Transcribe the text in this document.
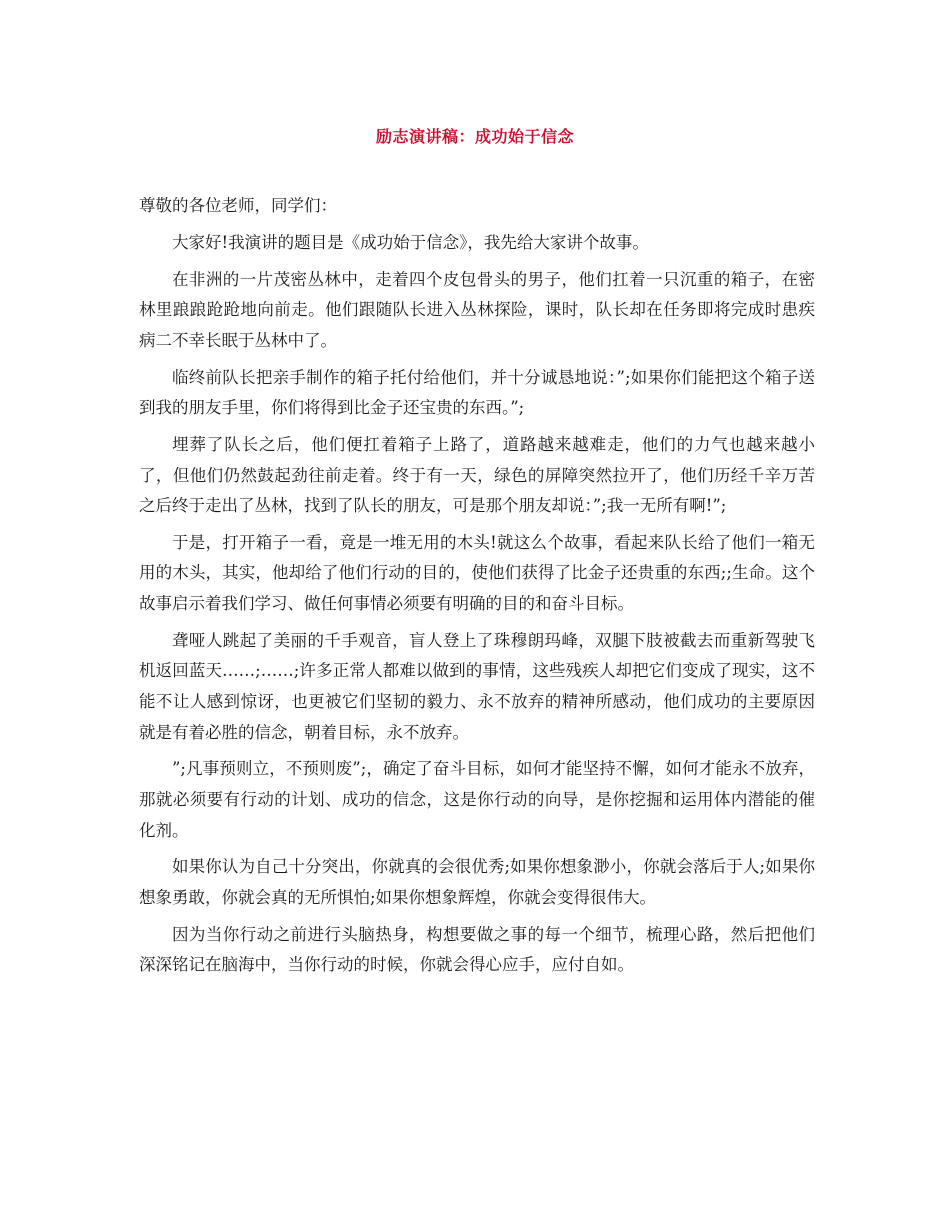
励志演讲稿：成功始于信念

尊敬的各位老师，同学们：

大家好!我演讲的题目是《成功始于信念》，我先给大家讲个故事。

在非洲的一片茂密丛林中，走着四个皮包骨头的男子，他们扛着一只沉重的箱子，在密林里踉踉跄跄地向前走。他们跟随队长进入丛林探险，课时，队长却在任务即将完成时患疾病二不幸长眠于丛林中了。

临终前队长把亲手制作的箱子托付给他们，并十分诚恳地说：”;如果你们能把这个箱子送到我的朋友手里，你们将得到比金子还宝贵的东西。”;

埋葬了队长之后，他们便扛着箱子上路了，道路越来越难走，他们的力气也越来越小了，但他们仍然鼓起劲往前走着。终于有一天，绿色的屏障突然拉开了，他们历经千辛万苦之后终于走出了丛林，找到了队长的朋友，可是那个朋友却说：”;我一无所有啊!”;

于是，打开箱子一看，竟是一堆无用的木头!就这么个故事，看起来队长给了他们一箱无用的木头，其实，他却给了他们行动的目的，使他们获得了比金子还贵重的东西;;生命。这个故事启示着我们学习、做任何事情必须要有明确的目的和奋斗目标。

聋哑人跳起了美丽的千手观音，盲人登上了珠穆朗玛峰，双腿下肢被截去而重新驾驶飞机返回蓝天……;……;许多正常人都难以做到的事情，这些残疾人却把它们变成了现实，这不能不让人感到惊讶，也更被它们坚韧的毅力、永不放弃的精神所感动，他们成功的主要原因就是有着必胜的信念，朝着目标，永不放弃。

”;凡事预则立，不预则废”;，确定了奋斗目标，如何才能坚持不懈，如何才能永不放弃，那就必须要有行动的计划、成功的信念，这是你行动的向导，是你挖掘和运用体内潜能的催化剂。

如果你认为自己十分突出，你就真的会很优秀;如果你想象渺小，你就会落后于人;如果你想象勇敢，你就会真的无所惧怕;如果你想象辉煌，你就会变得很伟大。

因为当你行动之前进行头脑热身，构想要做之事的每一个细节，梳理心路，然后把他们深深铭记在脑海中，当你行动的时候，你就会得心应手，应付自如。
